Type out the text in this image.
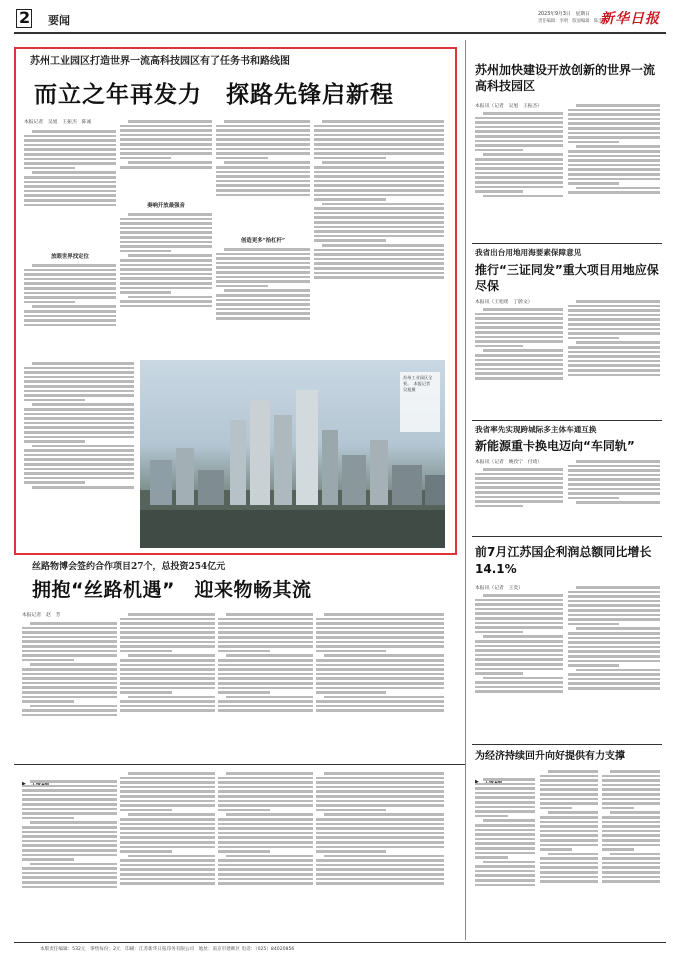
2 要闻	2023年9月3日　星期日
责任编辑：李明　版面编辑：陈杰
新华日报
苏州工业园区打造世界一流高科技园区有了任务书和路线图
而立之年再发力　探路先锋启新程
本报记者　吴旭　王振杰　陈诚
放眼世界找定位
奏响开放最强音
创造更多“拾杠杆”
苏州工业园区全景。　本报记者　吴旭摄
丝路物博会签约合作项目27个，总投资254亿元
拥抱“丝路机遇”　迎来物畅其流
本报记者　赵　芳
苏州加快建设开放创新的世界一流高科技园区
本报讯（记者　吴旭　王振杰）
我省出台用地用海要素保障意见
推行“三证同发”重大项目用地应保尽保
本报讯（王旭瑶　丁蔚文）
我省率先实现跨城际多主体车通互换
新能源重卡换电迈向“车同轨”
本报讯（记者　姚孜宁　付琦）
前7月江苏国企利润总额同比增长14.1%
本报讯（记者　王奕）
为经济持续回升向好提供有力支撑
本版责任编辑：532元　零售每份：2元　印刷：江苏新华日报印务有限公司　地址：南京市建邺区 电话：（025）84020856
